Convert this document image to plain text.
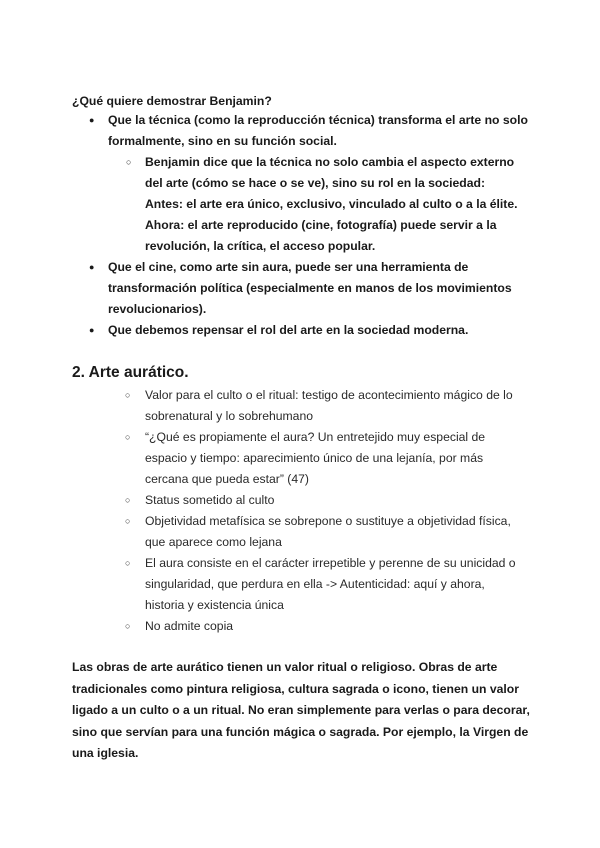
¿Qué quiere demostrar Benjamin?
● Que la técnica (como la reproducción técnica) transforma el arte no solo formalmente, sino en su función social.
○ Benjamin dice que la técnica no solo cambia el aspecto externo del arte (cómo se hace o se ve), sino su rol en la sociedad: Antes: el arte era único, exclusivo, vinculado al culto o a la élite. Ahora: el arte reproducido (cine, fotografía) puede servir a la revolución, la crítica, el acceso popular.
● Que el cine, como arte sin aura, puede ser una herramienta de transformación política (especialmente en manos de los movimientos revolucionarios).
● Que debemos repensar el rol del arte en la sociedad moderna.
2. Arte aurático.
○ Valor para el culto o el ritual: testigo de acontecimiento mágico de lo sobrenatural y lo sobrehumano
○ “¿Qué es propiamente el aura? Un entretejido muy especial de espacio y tiempo: aparecimiento único de una lejanía, por más cercana que pueda estar” (47)
○ Status sometido al culto
○ Objetividad metafísica se sobrepone o sustituye a objetividad física, que aparece como lejana
○ El aura consiste en el carácter irrepetible y perenne de su unicidad o singularidad, que perdura en ella -> Autenticidad: aquí y ahora, historia y existencia única
○ No admite copia
Las obras de arte aurático tienen un valor ritual o religioso. Obras de arte tradicionales como pintura religiosa, cultura sagrada o icono, tienen un valor ligado a un culto o a un ritual. No eran simplemente para verlas o para decorar, sino que servían para una función mágica o sagrada. Por ejemplo, la Virgen de una iglesia.
